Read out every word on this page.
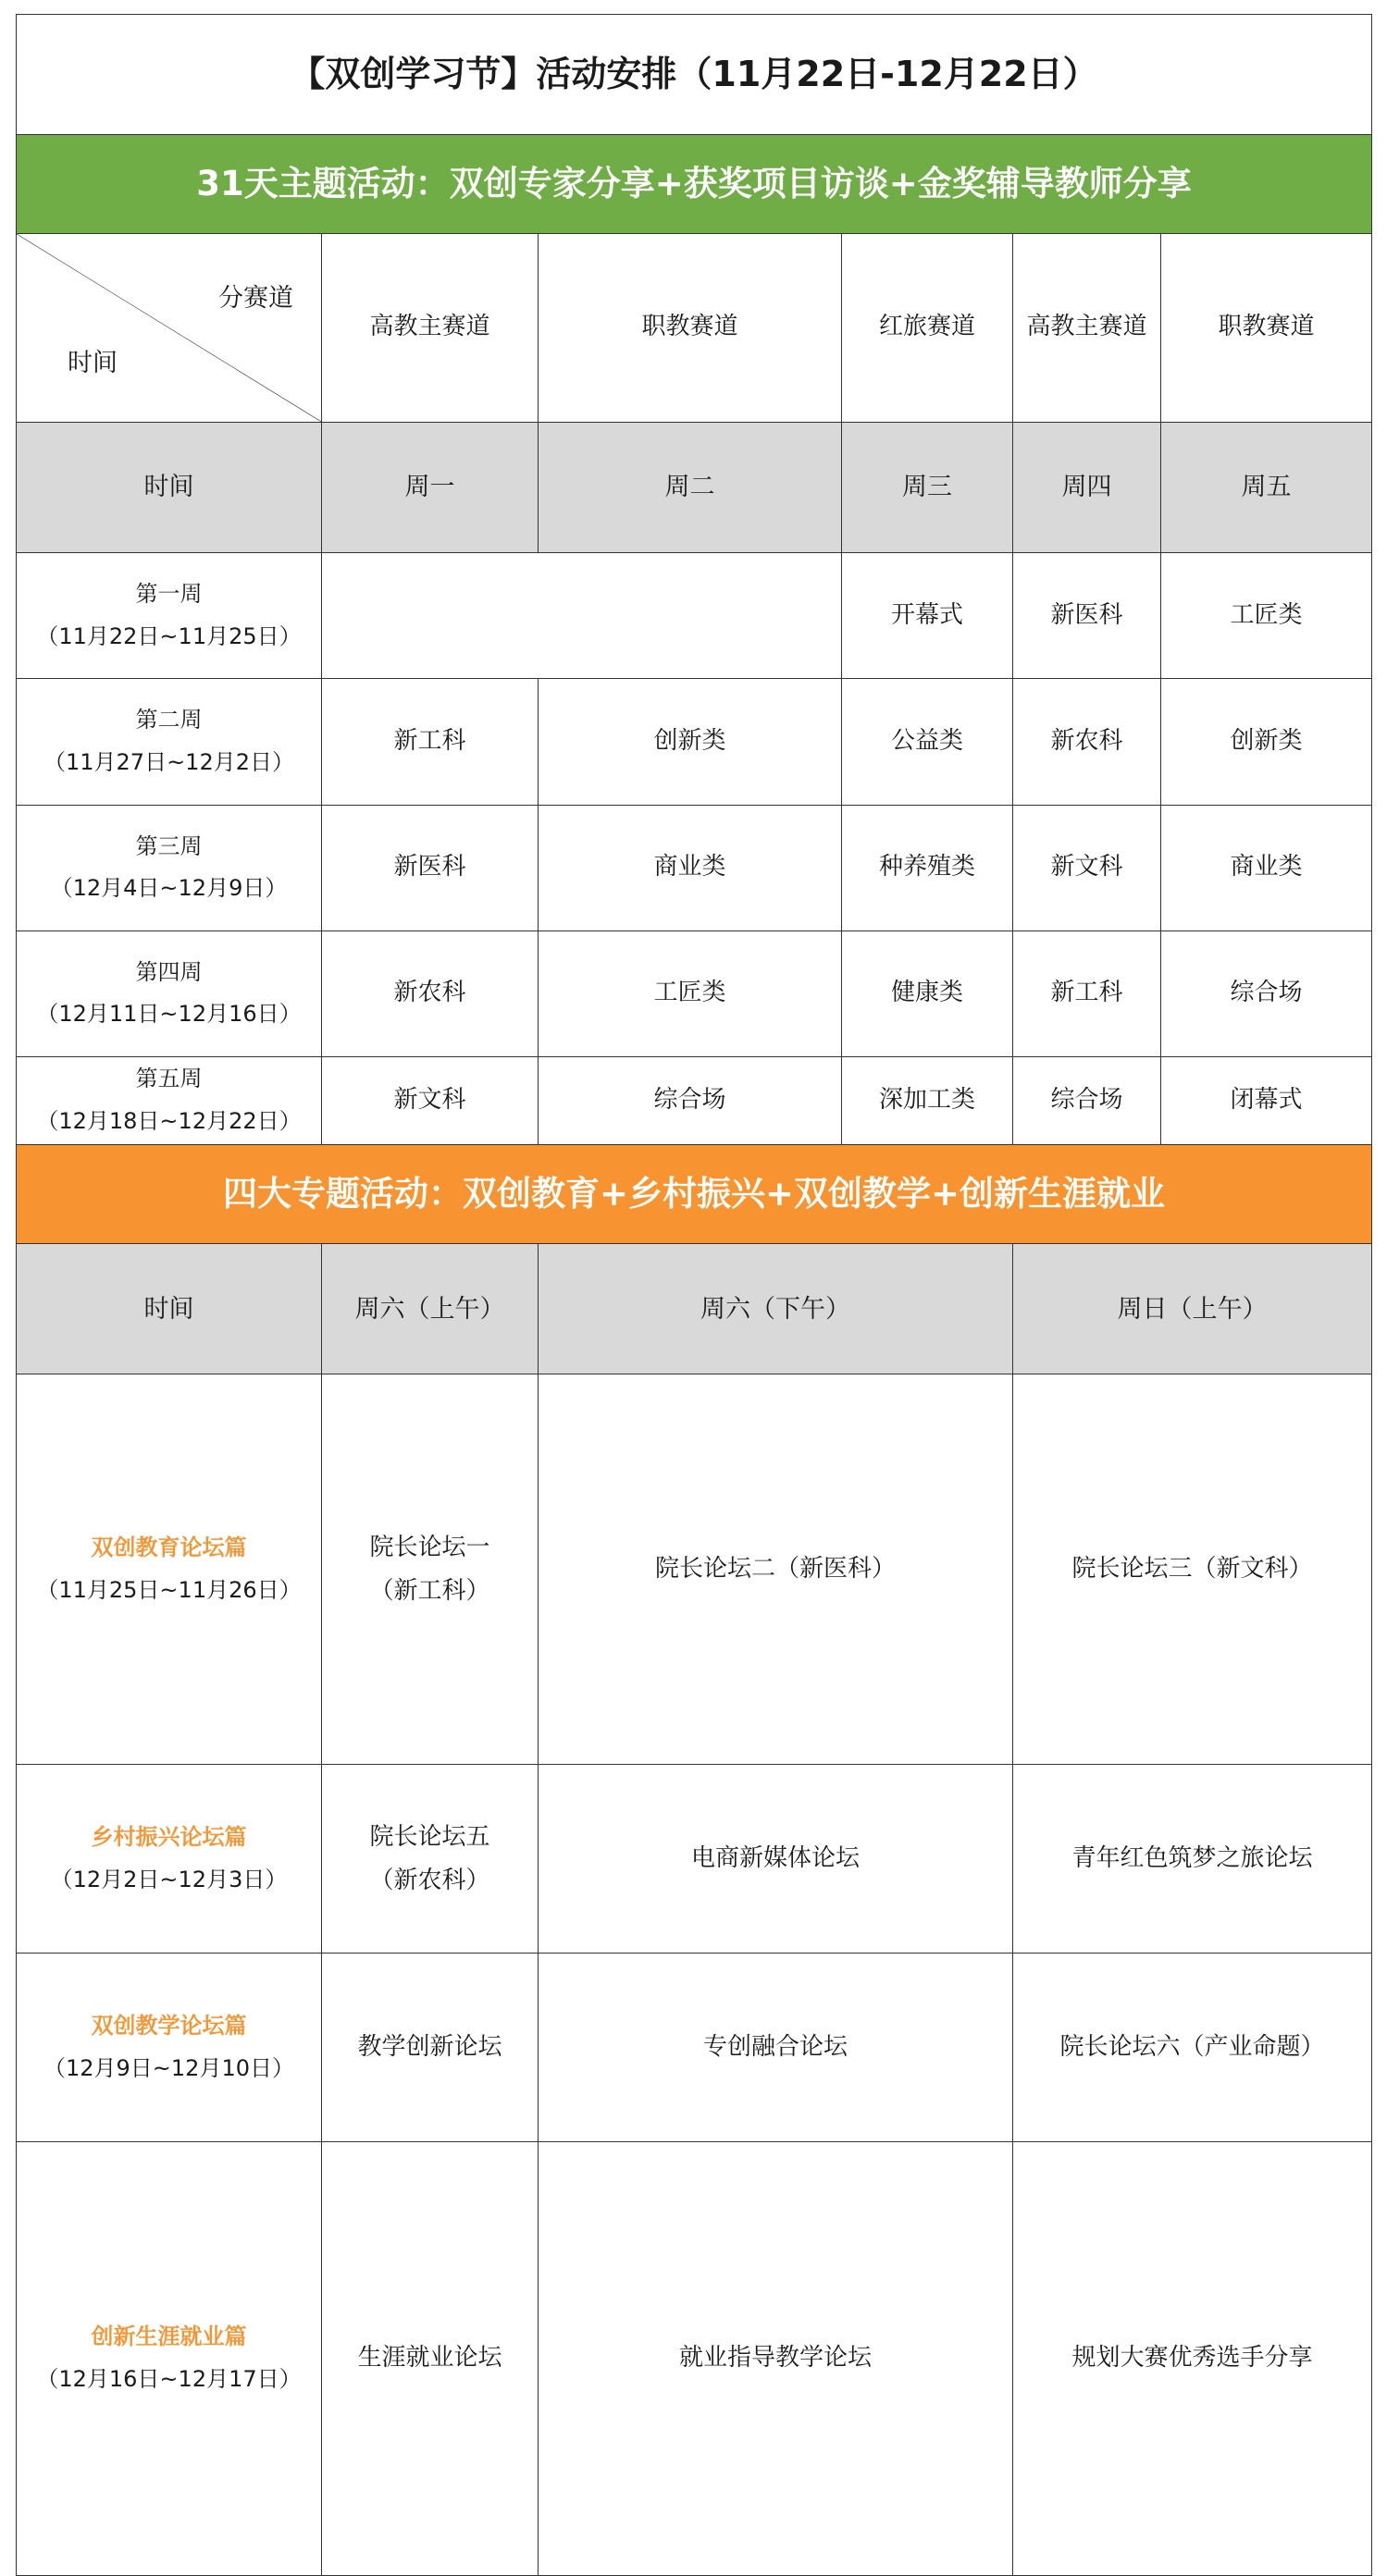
【双创学习节】活动安排（11月22日-12月22日）						
31天主题活动：双创专家分享+获奖项目访谈+金奖辅导教师分享						

分赛道
时间	高教主赛道	职教赛道	红旅赛道	高教主赛道	职教赛道	
时间	周一	周二	周三	周四	周五	

第一周
（11月22日~11月25日）			开幕式	新医科	工匠类	

第二周
（11月27日~12月2日）	新工科	创新类	公益类	新农科	创新类	

第三周
（12月4日~12月9日）	新医科	商业类	种养殖类	新文科	商业类	

第四周
（12月11日~12月16日）	新农科	工匠类	健康类	新工科	综合场	

第五周
（12月18日~12月22日）	新文科	综合场	深加工类	综合场	闭幕式	
四大专题活动：双创教育+乡村振兴+双创教学+创新生涯就业						
时间	周六（上午）	周六（下午）		周日（上午）	

双创教育论坛篇
（11月25日~11月26日）	院长论坛一
（新工科）	院长论坛二（新医科）		院长论坛三（新文科）	

乡村振兴论坛篇
（12月2日~12月3日）	院长论坛五
（新农科）	电商新媒体论坛		青年红色筑梦之旅论坛	

双创教学论坛篇
（12月9日~12月10日）	教学创新论坛	专创融合论坛		院长论坛六（产业命题）	

创新生涯就业篇
（12月16日~12月17日）	生涯就业论坛	就业指导教学论坛		规划大赛优秀选手分享	
